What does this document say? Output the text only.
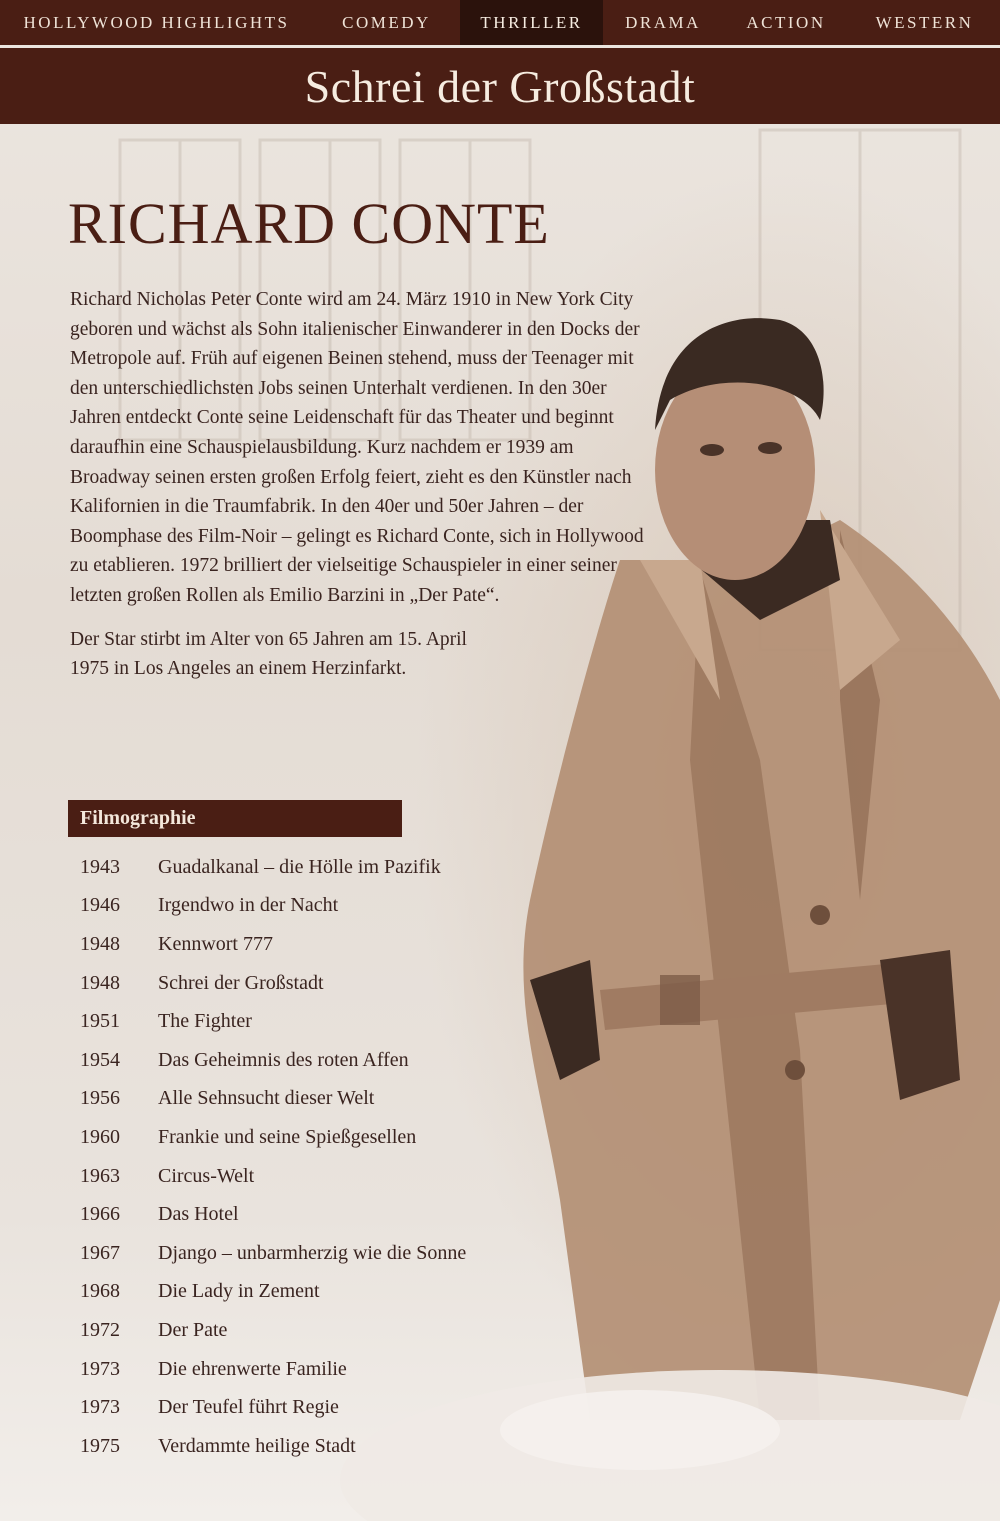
HOLLYWOOD HIGHLIGHTS	COMEDY	THRILLER	DRAMA	ACTION	WESTERN
Schrei der Großstadt
RICHARD CONTE

Richard Nicholas Peter Conte wird am 24. März 1910 in New York City geboren und wächst als Sohn italienischer Einwanderer in den Docks der Metropole auf. Früh auf eigenen Beinen stehend, muss der Teenager mit den unterschiedlichsten Jobs seinen Unterhalt verdienen. In den 30er Jahren entdeckt Conte seine Leidenschaft für das Theater und beginnt daraufhin eine Schauspielausbildung. Kurz nachdem er 1939 am Broadway seinen ersten großen Erfolg feiert, zieht es den Künstler nach Kalifornien in die Traumfabrik. In den 40er und 50er Jahren – der Boomphase des Film-Noir – gelingt es Richard Conte, sich in Hollywood zu etablieren. 1972 brilliert der vielseitige Schauspieler in einer seiner letzten großen Rollen als Emilio Barzini in „Der Pate“.

Der Star stirbt im Alter von 65 Jahren am 15. April 1975 in Los Angeles an einem Herzinfarkt.

Filmographie
1943	Guadalkanal – die Hölle im Pazifik
1946	Irgendwo in der Nacht
1948	Kennwort 777
1948	Schrei der Großstadt
1951	The Fighter
1954	Das Geheimnis des roten Affen
1956	Alle Sehnsucht dieser Welt
1960	Frankie und seine Spießgesellen
1963	Circus-Welt
1966	Das Hotel
1967	Django – unbarmherzig wie die Sonne
1968	Die Lady in Zement
1972	Der Pate
1973	Die ehrenwerte Familie
1973	Der Teufel führt Regie
1975	Verdammte heilige Stadt
